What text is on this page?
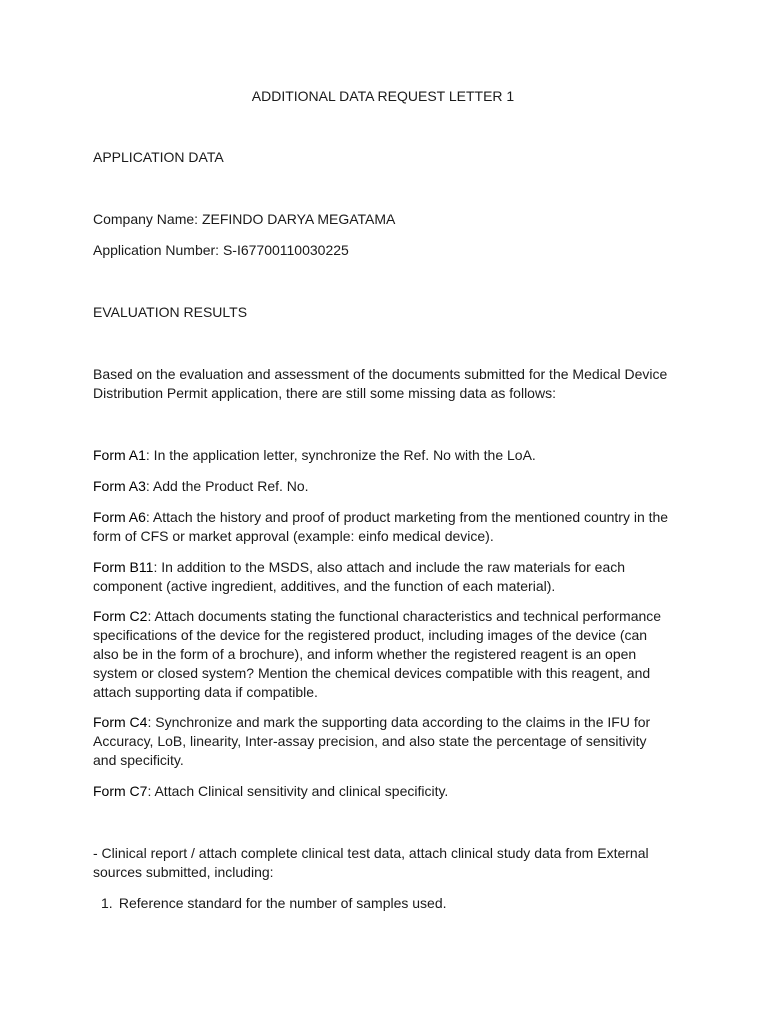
ADDITIONAL DATA REQUEST LETTER 1

APPLICATION DATA

Company Name: ZEFINDO DARYA MEGATAMA

Application Number: S-I67700110030225

EVALUATION RESULTS

Based on the evaluation and assessment of the documents submitted for the Medical Device Distribution Permit application, there are still some missing data as follows:

Form A1: In the application letter, synchronize the Ref. No with the LoA.

Form A3: Add the Product Ref. No.

Form A6: Attach the history and proof of product marketing from the mentioned country in the form of CFS or market approval (example: einfo medical device).

Form B11: In addition to the MSDS, also attach and include the raw materials for each component (active ingredient, additives, and the function of each material).

Form C2: Attach documents stating the functional characteristics and technical performance specifications of the device for the registered product, including images of the device (can also be in the form of a brochure), and inform whether the registered reagent is an open system or closed system? Mention the chemical devices compatible with this reagent, and attach supporting data if compatible.

Form C4: Synchronize and mark the supporting data according to the claims in the IFU for Accuracy, LoB, linearity, Inter-assay precision, and also state the percentage of sensitivity and specificity.

Form C7: Attach Clinical sensitivity and clinical specificity.

- Clinical report / attach complete clinical test data, attach clinical study data from External sources submitted, including:

1. Reference standard for the number of samples used.
